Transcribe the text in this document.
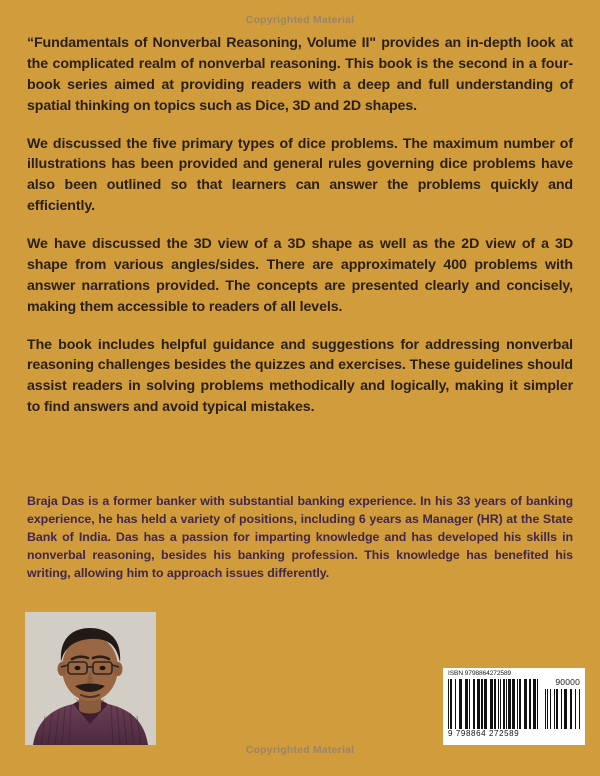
Copyrighted Material

“Fundamentals of Nonverbal Reasoning, Volume II" provides an in-depth look at the complicated realm of nonverbal reasoning. This book is the second in a four-book series aimed at providing readers with a deep and full understanding of spatial thinking on topics such as Dice, 3D and 2D shapes.

We discussed the five primary types of dice problems. The maximum number of illustrations has been provided and general rules governing dice problems have also been outlined so that learners can answer the problems quickly and efficiently.

We have discussed the 3D view of a 3D shape as well as the 2D view of a 3D shape from various angles/sides. There are approximately 400 problems with answer narrations provided. The concepts are presented clearly and concisely, making them accessible to readers of all levels.

The book includes helpful guidance and suggestions for addressing nonverbal reasoning challenges besides the quizzes and exercises. These guidelines should assist readers in solving problems methodically and logically, making it simpler to find answers and avoid typical mistakes.

Braja Das is a former banker with substantial banking experience. In his 33 years of banking experience, he has held a variety of positions, including 6 years as Manager (HR) at the State Bank of India. Das has a passion for imparting knowledge and has developed his skills in nonverbal reasoning, besides his banking profession. This knowledge has benefited his writing, allowing him to approach issues differently.

ISBN 9798864272589
90000
9 798864 272589
Copyrighted Material
